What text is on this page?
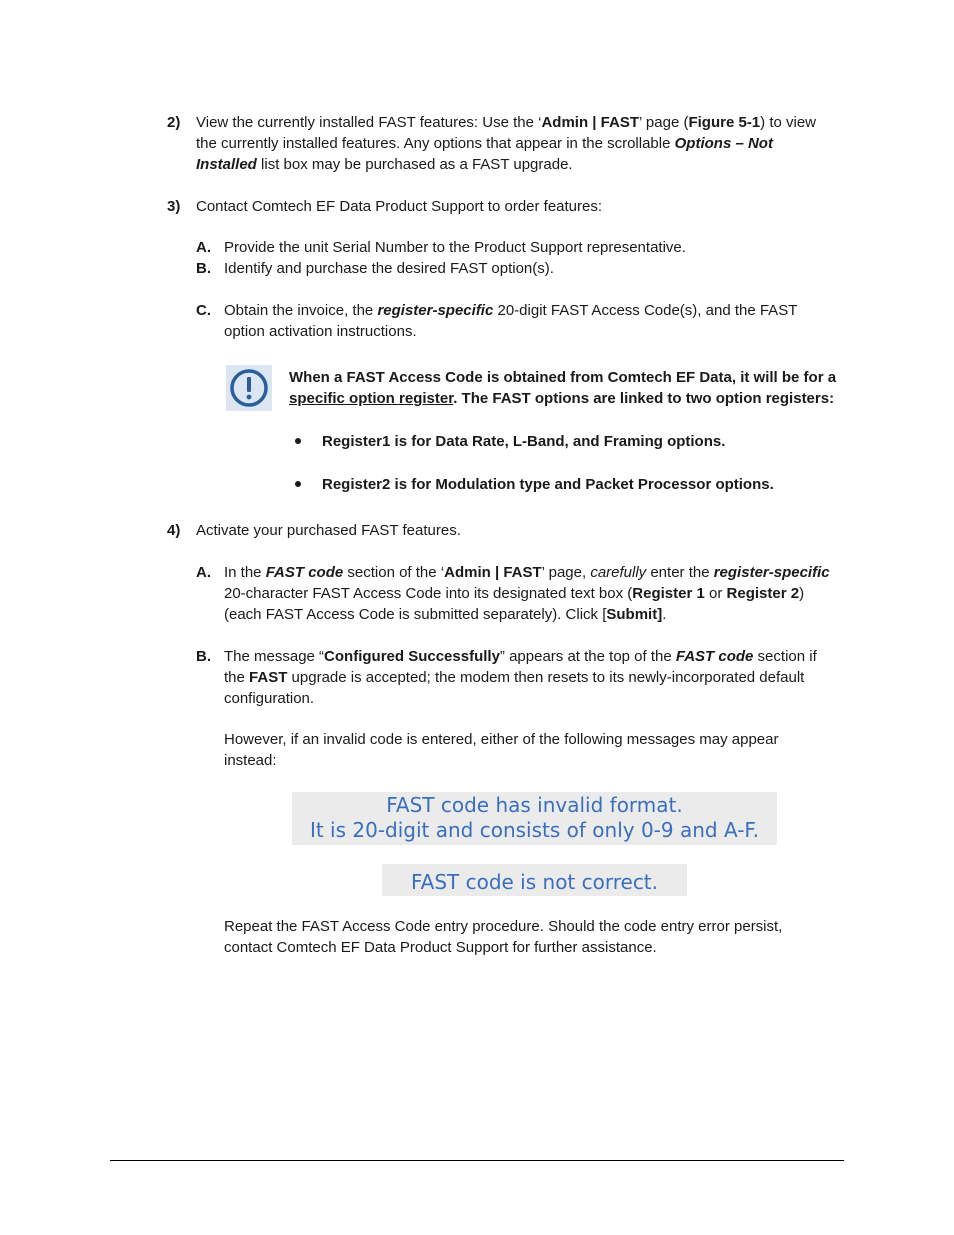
2) View the currently installed FAST features: Use the ‘Admin | FAST’ page (Figure 5-1) to view
the currently installed features. Any options that appear in the scrollable Options – Not
Installed list box may be purchased as a FAST upgrade.
3) Contact Comtech EF Data Product Support to order features:
A. Provide the unit Serial Number to the Product Support representative.
B. Identify and purchase the desired FAST option(s).
C. Obtain the invoice, the register-specific 20-digit FAST Access Code(s), and the FAST
option activation instructions.
When a FAST Access Code is obtained from Comtech EF Data, it will be for a
specific option register. The FAST options are linked to two option registers:
Register1 is for Data Rate, L-Band, and Framing options.
Register2 is for Modulation type and Packet Processor options.
4) Activate your purchased FAST features.
A. In the FAST code section of the ‘Admin | FAST’ page, carefully enter the register-specific
20-character FAST Access Code into its designated text box (Register 1 or Register 2)
(each FAST Access Code is submitted separately). Click [Submit].
B. The message “Configured Successfully” appears at the top of the FAST code section if
the FAST upgrade is accepted; the modem then resets to its newly-incorporated default
configuration.
However, if an invalid code is entered, either of the following messages may appear
instead:
FAST code has invalid format.
It is 20-digit and consists of only 0-9 and A-F.
FAST code is not correct.
Repeat the FAST Access Code entry procedure. Should the code entry error persist,
contact Comtech EF Data Product Support for further assistance.
